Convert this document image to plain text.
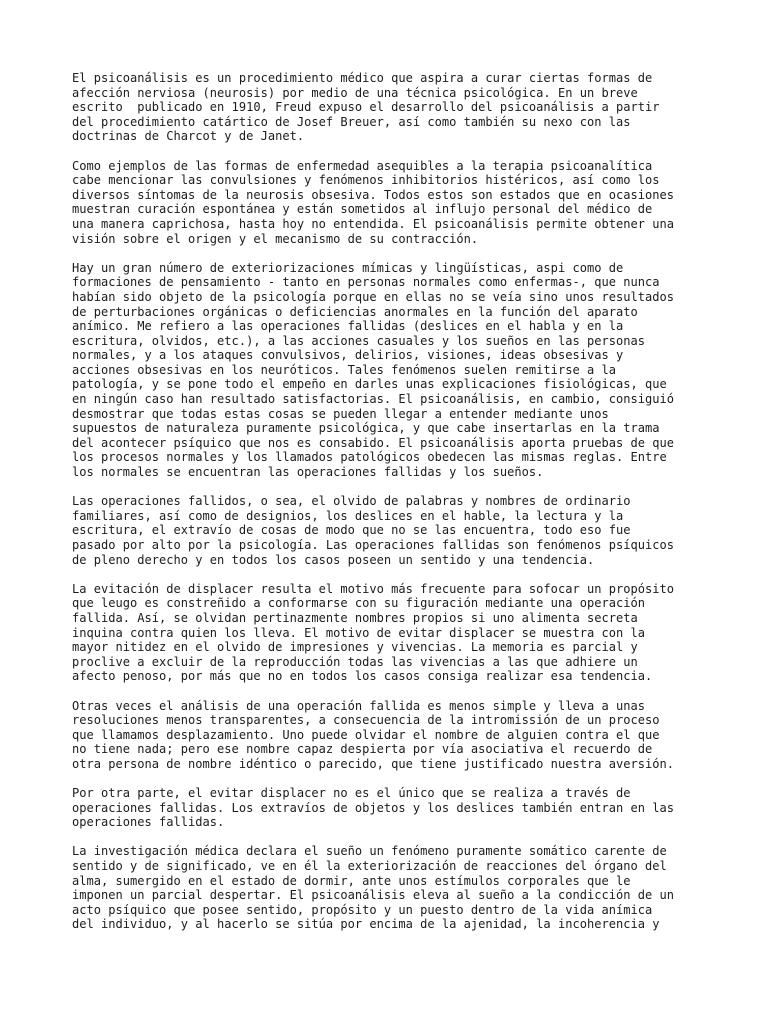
El psicoanálisis es un procedimiento médico que aspira a curar ciertas formas de
afección nerviosa (neurosis) por medio de una técnica psicológica. En un breve
escrito  publicado en 1910, Freud expuso el desarrollo del psicoanálisis a partir
del procedimiento catártico de Josef Breuer, así como también su nexo con las
doctrinas de Charcot y de Janet.

Como ejemplos de las formas de enfermedad asequibles a la terapia psicoanalítica
cabe mencionar las convulsiones y fenómenos inhibitorios histéricos, así como los
diversos síntomas de la neurosis obsesiva. Todos estos son estados que en ocasiones
muestran curación espontánea y están sometidos al influjo personal del médico de
una manera caprichosa, hasta hoy no entendida. El psicoanálisis permite obtener una
visión sobre el origen y el mecanismo de su contracción.

Hay un gran número de exteriorizaciones mímicas y lingüísticas, aspi como de
formaciones de pensamiento - tanto en personas normales como enfermas-, que nunca
habían sido objeto de la psicología porque en ellas no se veía sino unos resultados
de perturbaciones orgánicas o deficiencias anormales en la función del aparato
anímico. Me refiero a las operaciones fallidas (deslices en el habla y en la
escritura, olvidos, etc.), a las acciones casuales y los sueños en las personas
normales, y a los ataques convulsivos, delirios, visiones, ideas obsesivas y
acciones obsesivas en los neuróticos. Tales fenómenos suelen remitirse a la
patología, y se pone todo el empeño en darles unas explicaciones fisiológicas, que
en ningún caso han resultado satisfactorias. El psicoanálisis, en cambio, consiguió
desmostrar que todas estas cosas se pueden llegar a entender mediante unos
supuestos de naturaleza puramente psicológica, y que cabe insertarlas en la trama
del acontecer psíquico que nos es consabido. El psicoanálisis aporta pruebas de que
los procesos normales y los llamados patológicos obedecen las mismas reglas. Entre
los normales se encuentran las operaciones fallidas y los sueños.

Las operaciones fallidos, o sea, el olvido de palabras y nombres de ordinario
familiares, así como de designios, los deslices en el hable, la lectura y la
escritura, el extravío de cosas de modo que no se las encuentra, todo eso fue
pasado por alto por la psicología. Las operaciones fallidas son fenómenos psíquicos
de pleno derecho y en todos los casos poseen un sentido y una tendencia.

La evitación de displacer resulta el motivo más frecuente para sofocar un propósito
que leugo es constreñido a conformarse con su figuración mediante una operación
fallida. Así, se olvidan pertinazmente nombres propios si uno alimenta secreta
inquina contra quien los lleva. El motivo de evitar displacer se muestra con la
mayor nitidez en el olvido de impresiones y vivencias. La memoria es parcial y
proclive a excluir de la reproducción todas las vivencias a las que adhiere un
afecto penoso, por más que no en todos los casos consiga realizar esa tendencia.

Otras veces el análisis de una operación fallida es menos simple y lleva a unas
resoluciones menos transparentes, a consecuencia de la intromissión de un proceso
que llamamos desplazamiento. Uno puede olvidar el nombre de alguien contra el que
no tiene nada; pero ese nombre capaz despierta por vía asociativa el recuerdo de
otra persona de nombre idéntico o parecido, que tiene justificado nuestra aversión.

Por otra parte, el evitar displacer no es el único que se realiza a través de
operaciones fallidas. Los extravíos de objetos y los deslices también entran en las
operaciones fallidas.

La investigación médica declara el sueño un fenómeno puramente somático carente de
sentido y de significado, ve en él la exteriorización de reacciones del órgano del
alma, sumergido en el estado de dormir, ante unos estímulos corporales que le
imponen un parcial despertar. El psicoanálisis eleva al sueño a la condicción de un
acto psíquico que posee sentido, propósito y un puesto dentro de la vida anímica
del individuo, y al hacerlo se sitúa por encima de la ajenidad, la incoherencia y
